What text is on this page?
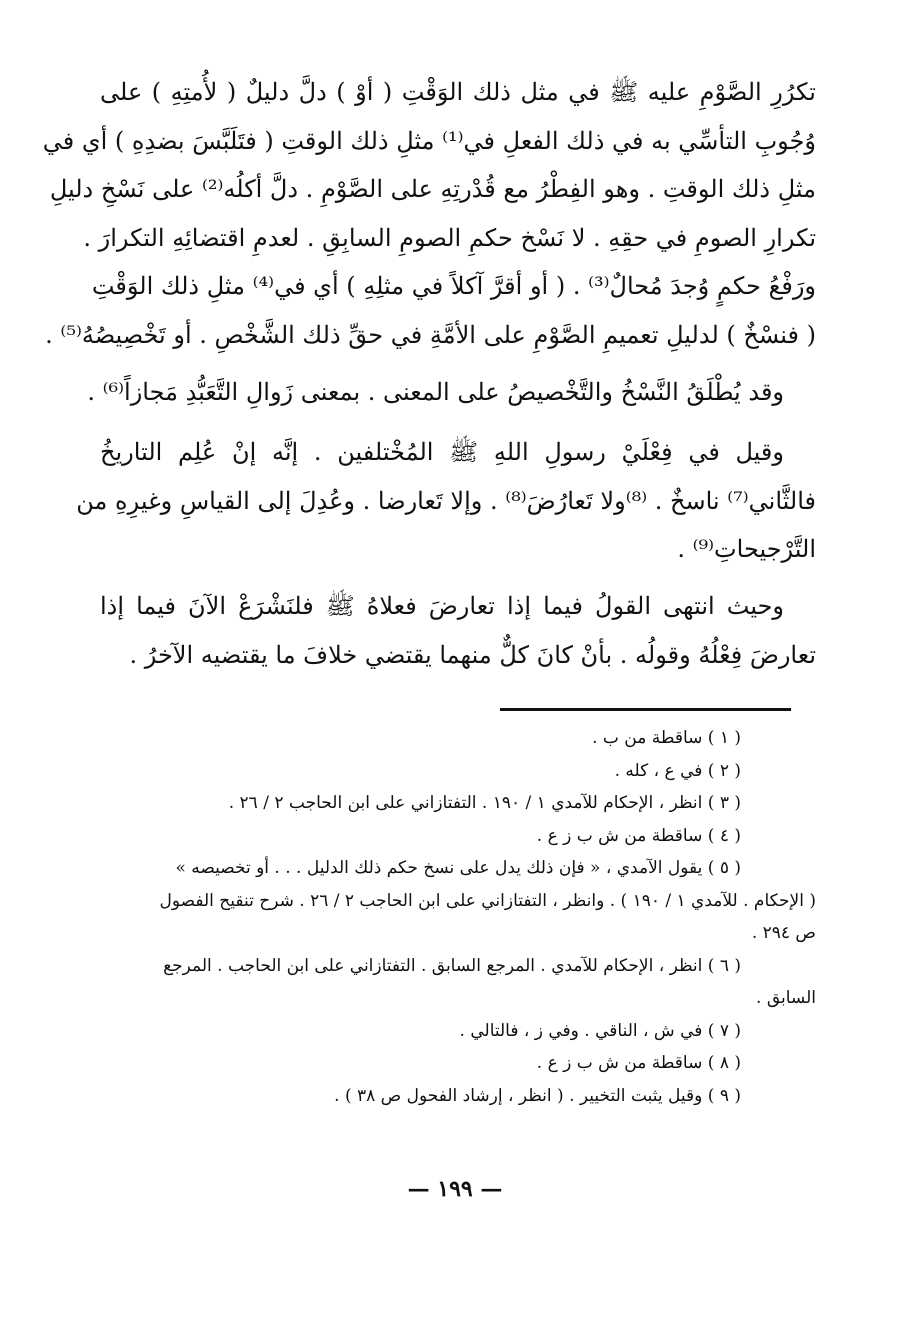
تكرُرِ الصَّوْمِ عليه ﷺ في مثل ذلك الوَقْتِ ( أوْ ) دلَّ دليلٌ ( لأُمتِهِ ) على
وُجُوبِ التأسِّي به في ذلك الفعلِ في⁽¹⁾ مثلِ ذلك الوقتِ ( فتَلَبَّسَ بضدِهِ ) أي في
مثلِ ذلك الوقتِ . وهو الفِطْرُ مع قُدْرتِهِ على الصَّوْمِ . دلَّ أكلُه⁽²⁾ على نَسْخِ دليلِ
تكرارِ الصومِ في حقِهِ . لا نَسْخ حكمِ الصومِ السابِقِ . لعدمِ اقتضائِهِ التكرارَ .
ورَفْعُ حكمٍ وُجدَ مُحالٌ⁽³⁾ . ( أو أقرَّ آكلاً في مثلِهِ ) أي في⁽⁴⁾ مثلِ ذلك الوَقْتِ
( فنسْخٌ ) لدليلِ تعميمِ الصَّوْمِ على الأمَّةِ في حقِّ ذلك الشَّخْصِ . أو تَخْصِيصُهُ⁽⁵⁾ .
وقد يُطْلَقُ النَّسْخُ والتَّخْصيصُ على المعنى . بمعنى زَوالِ التَّعَبُّدِ مَجازاً⁽⁶⁾ .
وقيل في فِعْلَيْ رسولِ اللهِ ﷺ المُخْتلفين . إنَّه إنْ عُلِم التاريخُ
فالثَّاني⁽⁷⁾ ناسخٌ . ⁽⁸⁾ولا تَعارُضَ⁽⁸⁾ . وإلا تَعارضا . وعُدِلَ إلى القياسِ وغيرِهِ من
التَّرْجيحاتِ⁽⁹⁾ .
وحيث انتهى القولُ فيما إذا تعارضَ فعلاهُ ﷺ فلنَشْرَعْ الآنَ فيما إذا
تعارضَ فِعْلُهُ وقولُه . بأنْ كانَ كلٌّ منهما يقتضي خلافَ ما يقتضيه الآخرُ .
( ١ ) ساقطة من ب .
( ٢ ) في ع ، كله .
( ٣ ) انظر ، الإحكام للآمدي ١ / ١٩٠ . التفتازاني على ابن الحاجب ٢ / ٢٦ .
( ٤ ) ساقطة من ش ب ز ع .
( ٥ ) يقول الآمدي ، « فإن ذلك يدل على نسخ حكم ذلك الدليل . . . أو تخصيصه »
( الإحكام . للآمدي ١ / ١٩٠ ) . وانظر ، التفتازاني على ابن الحاجب ٢ / ٢٦ . شرح تنقيح الفصول
ص ٢٩٤ .
( ٦ ) انظر ، الإحكام للآمدي . المرجع السابق . التفتازاني على ابن الحاجب . المرجع
السابق .
( ٧ ) في ش ، الناقي . وفي ز ، فالتالي .
( ٨ ) ساقطة من ش ب ز ع .
( ٩ ) وقيل يثبت التخيير . ( انظر ، إرشاد الفحول ص ٣٨ ) .
— ١٩٩ —
